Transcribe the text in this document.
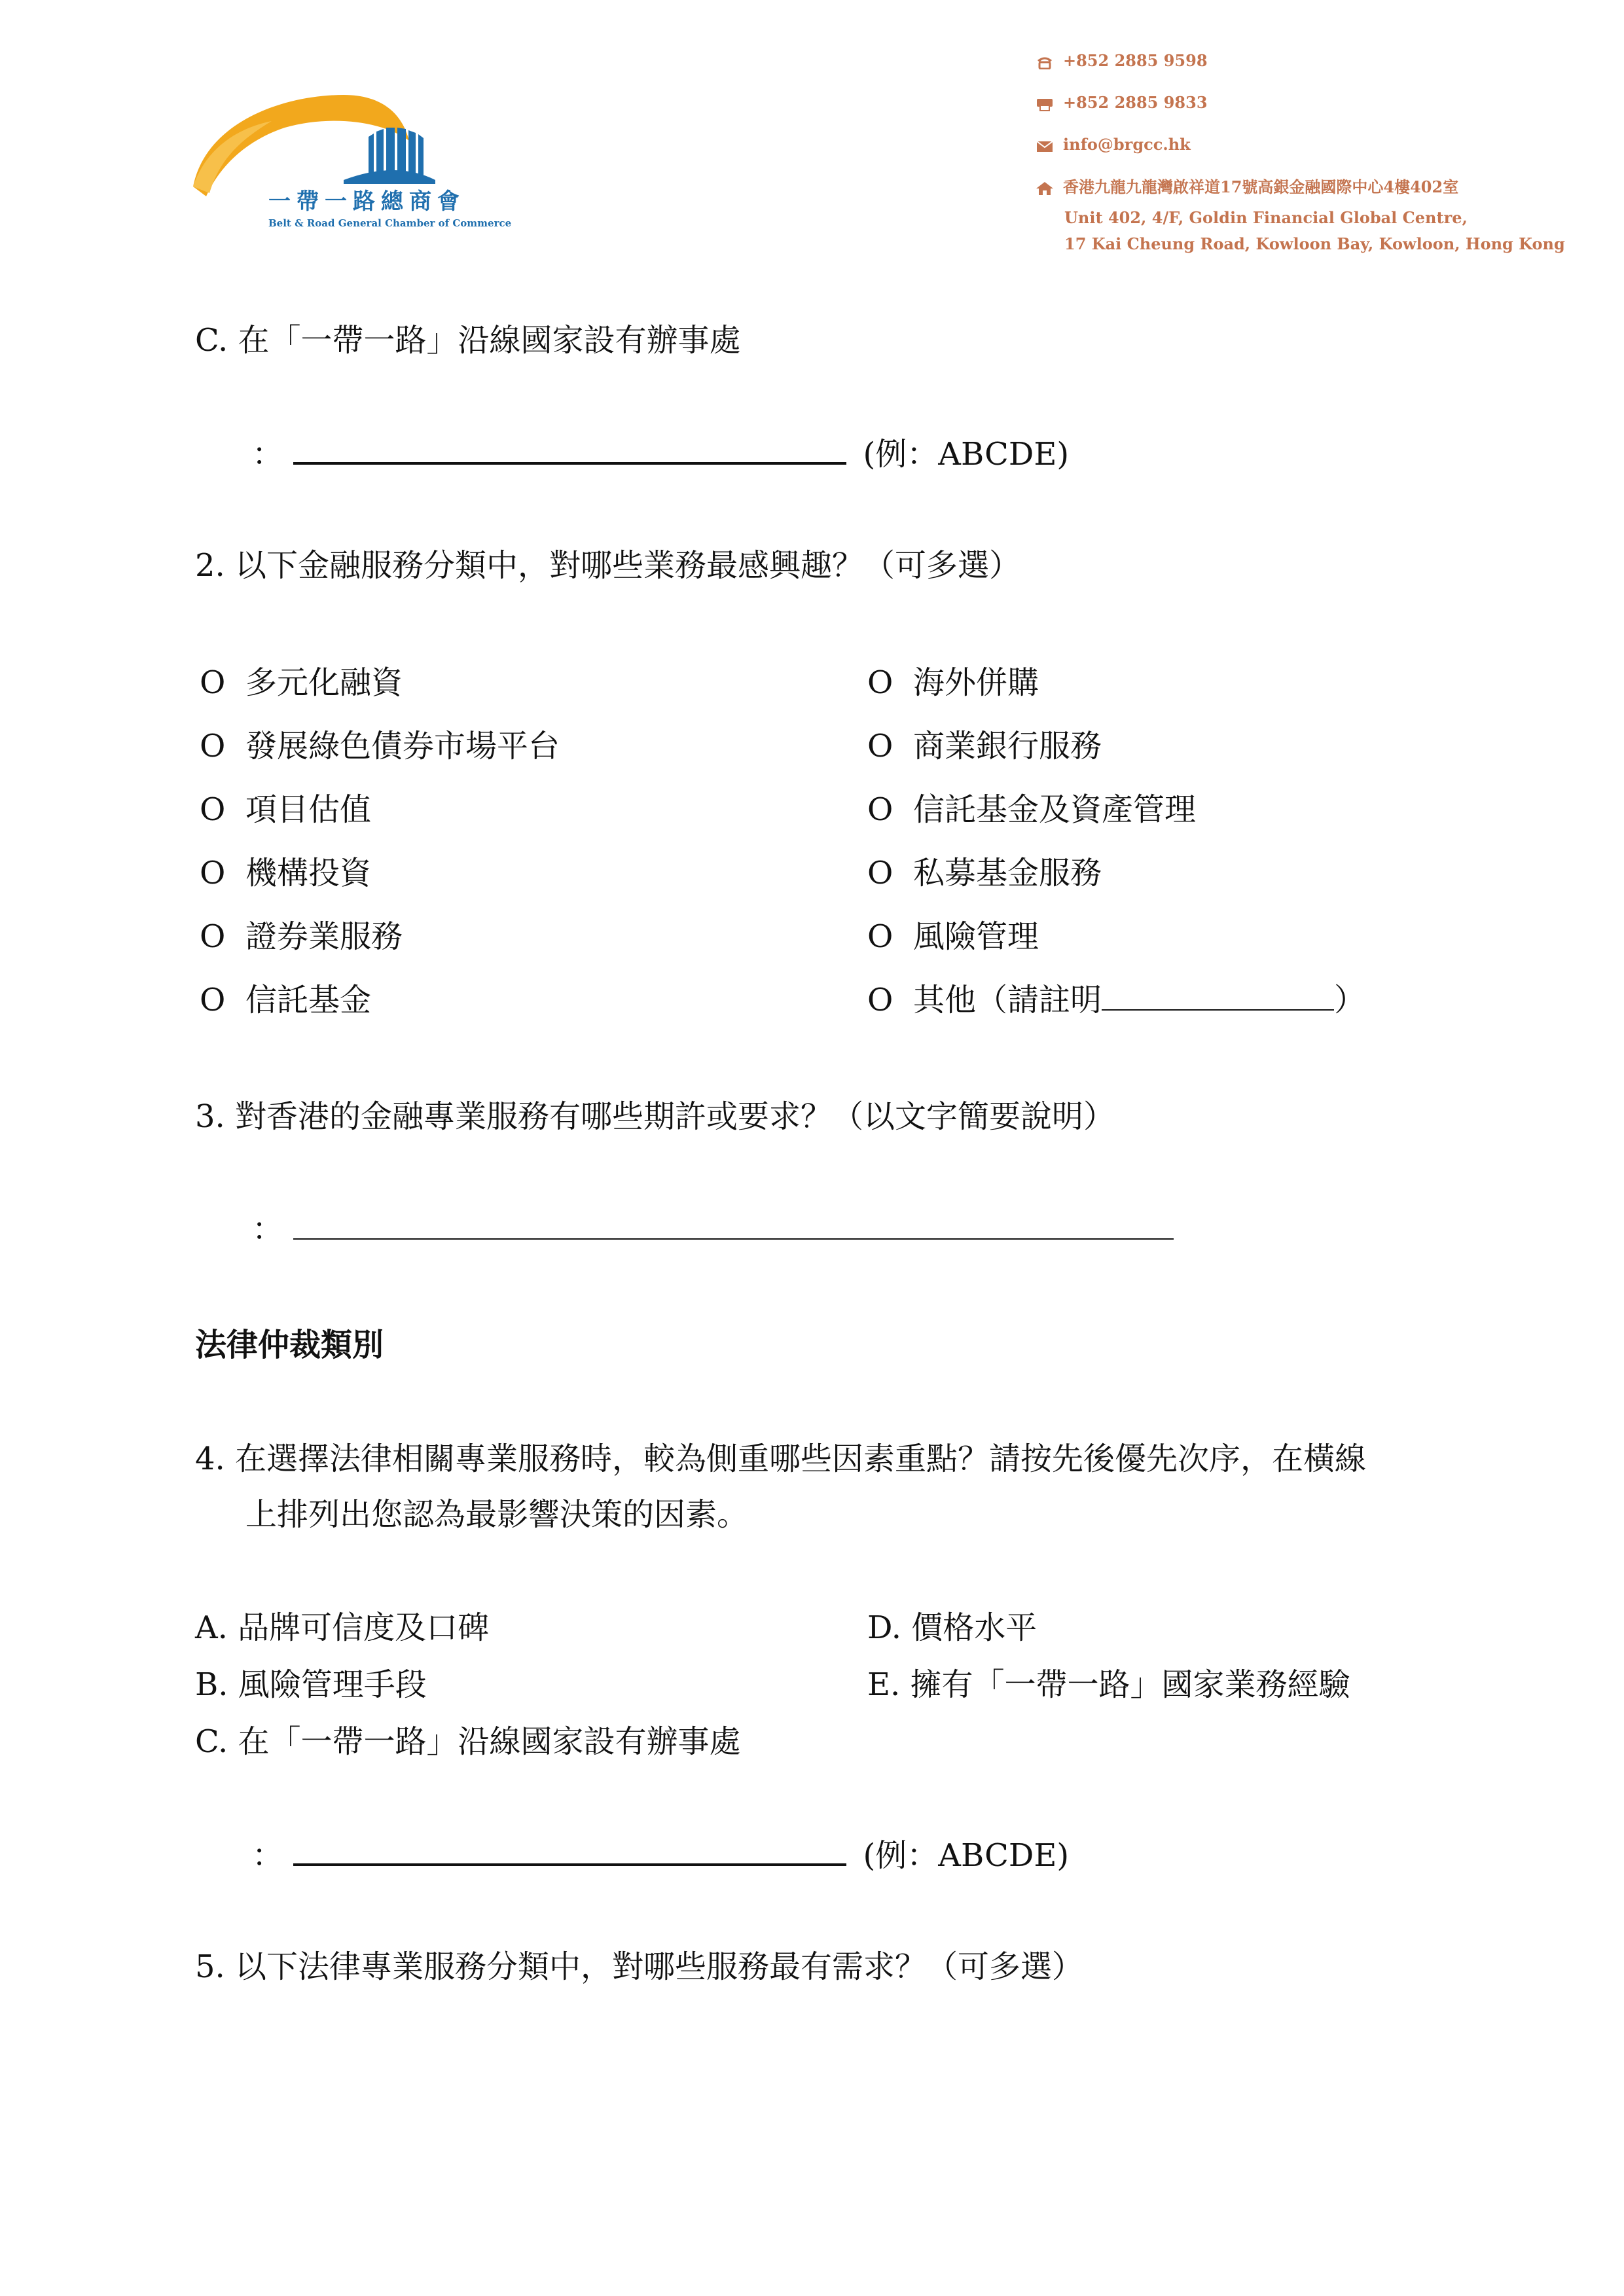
一帶一路總商會
Belt & Road General Chamber of Commerce
+852 2885 9598
+852 2885 9833
info@brgcc.hk
香港九龍九龍灣啟祥道17號高銀金融國際中心4樓402室
Unit 402, 4/F, Goldin Financial Global Centre,
17 Kai Cheung Road, Kowloon Bay, Kowloon, Hong Kong
C. 在「一帶一路」沿線國家設有辦事處
：	(例：ABCDE)
2. 以下金融服務分類中，對哪些業務最感興趣？（可多選）
O 多元化融資
O 發展綠色債券市場平台
O 項目估值
O 機構投資
O 證券業服務
O 信託基金
O 海外併購
O 商業銀行服務
O 信託基金及資產管理
O 私募基金服務
O 風險管理
O 其他（請註明	）
3. 對香港的金融專業服務有哪些期許或要求？（以文字簡要說明）
：
法律仲裁類別
4. 在選擇法律相關專業服務時，較為側重哪些因素重點？請按先後優先次序，在橫線
上排列出您認為最影響決策的因素。
A. 品牌可信度及口碑
B. 風險管理手段
C. 在「一帶一路」沿線國家設有辦事處
D. 價格水平
E. 擁有「一帶一路」國家業務經驗
：	(例：ABCDE)
5. 以下法律專業服務分類中，對哪些服務最有需求？（可多選）
